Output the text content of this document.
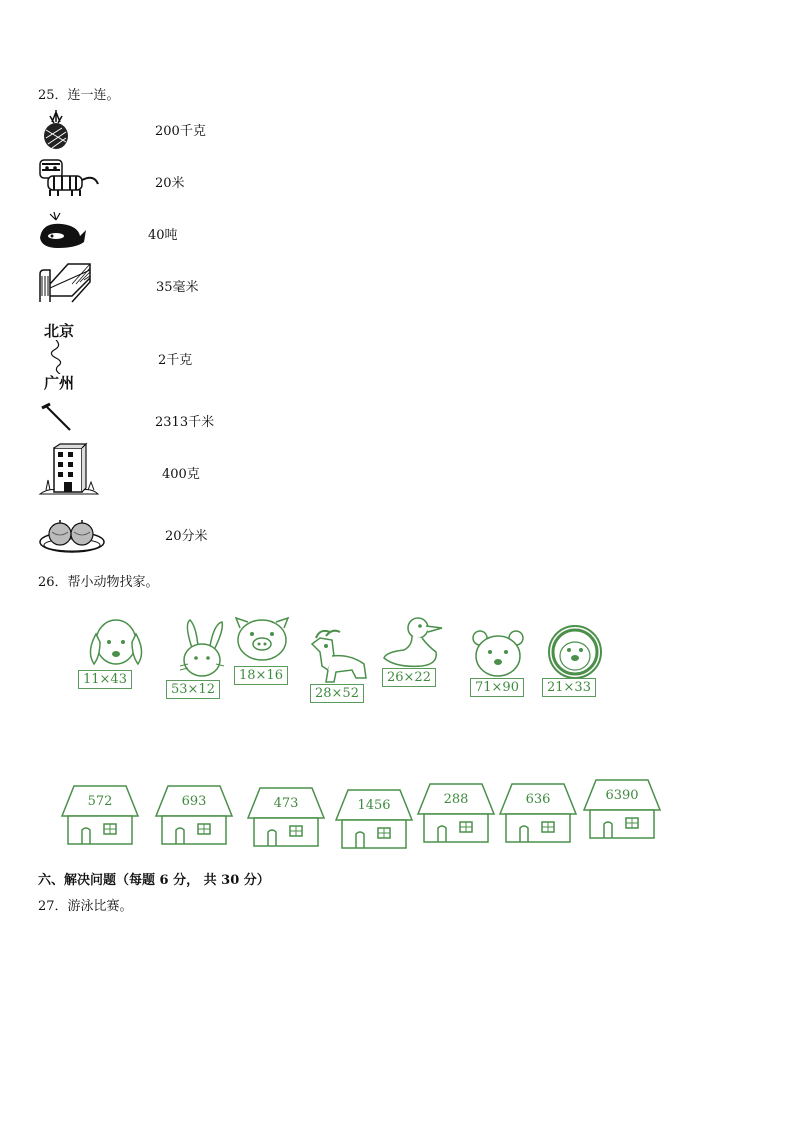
25．连一连。
200千克
20米
40吨
35毫米
北京
广州
2千克
2313千米
400克
20分米
26．帮小动物找家。
11×43
53×12
18×16
28×52
26×22
71×90	21×33
572	693	473	1456	288	636	6390
六、解决问题（每题 6 分， 共 30 分）
27．游泳比赛。
